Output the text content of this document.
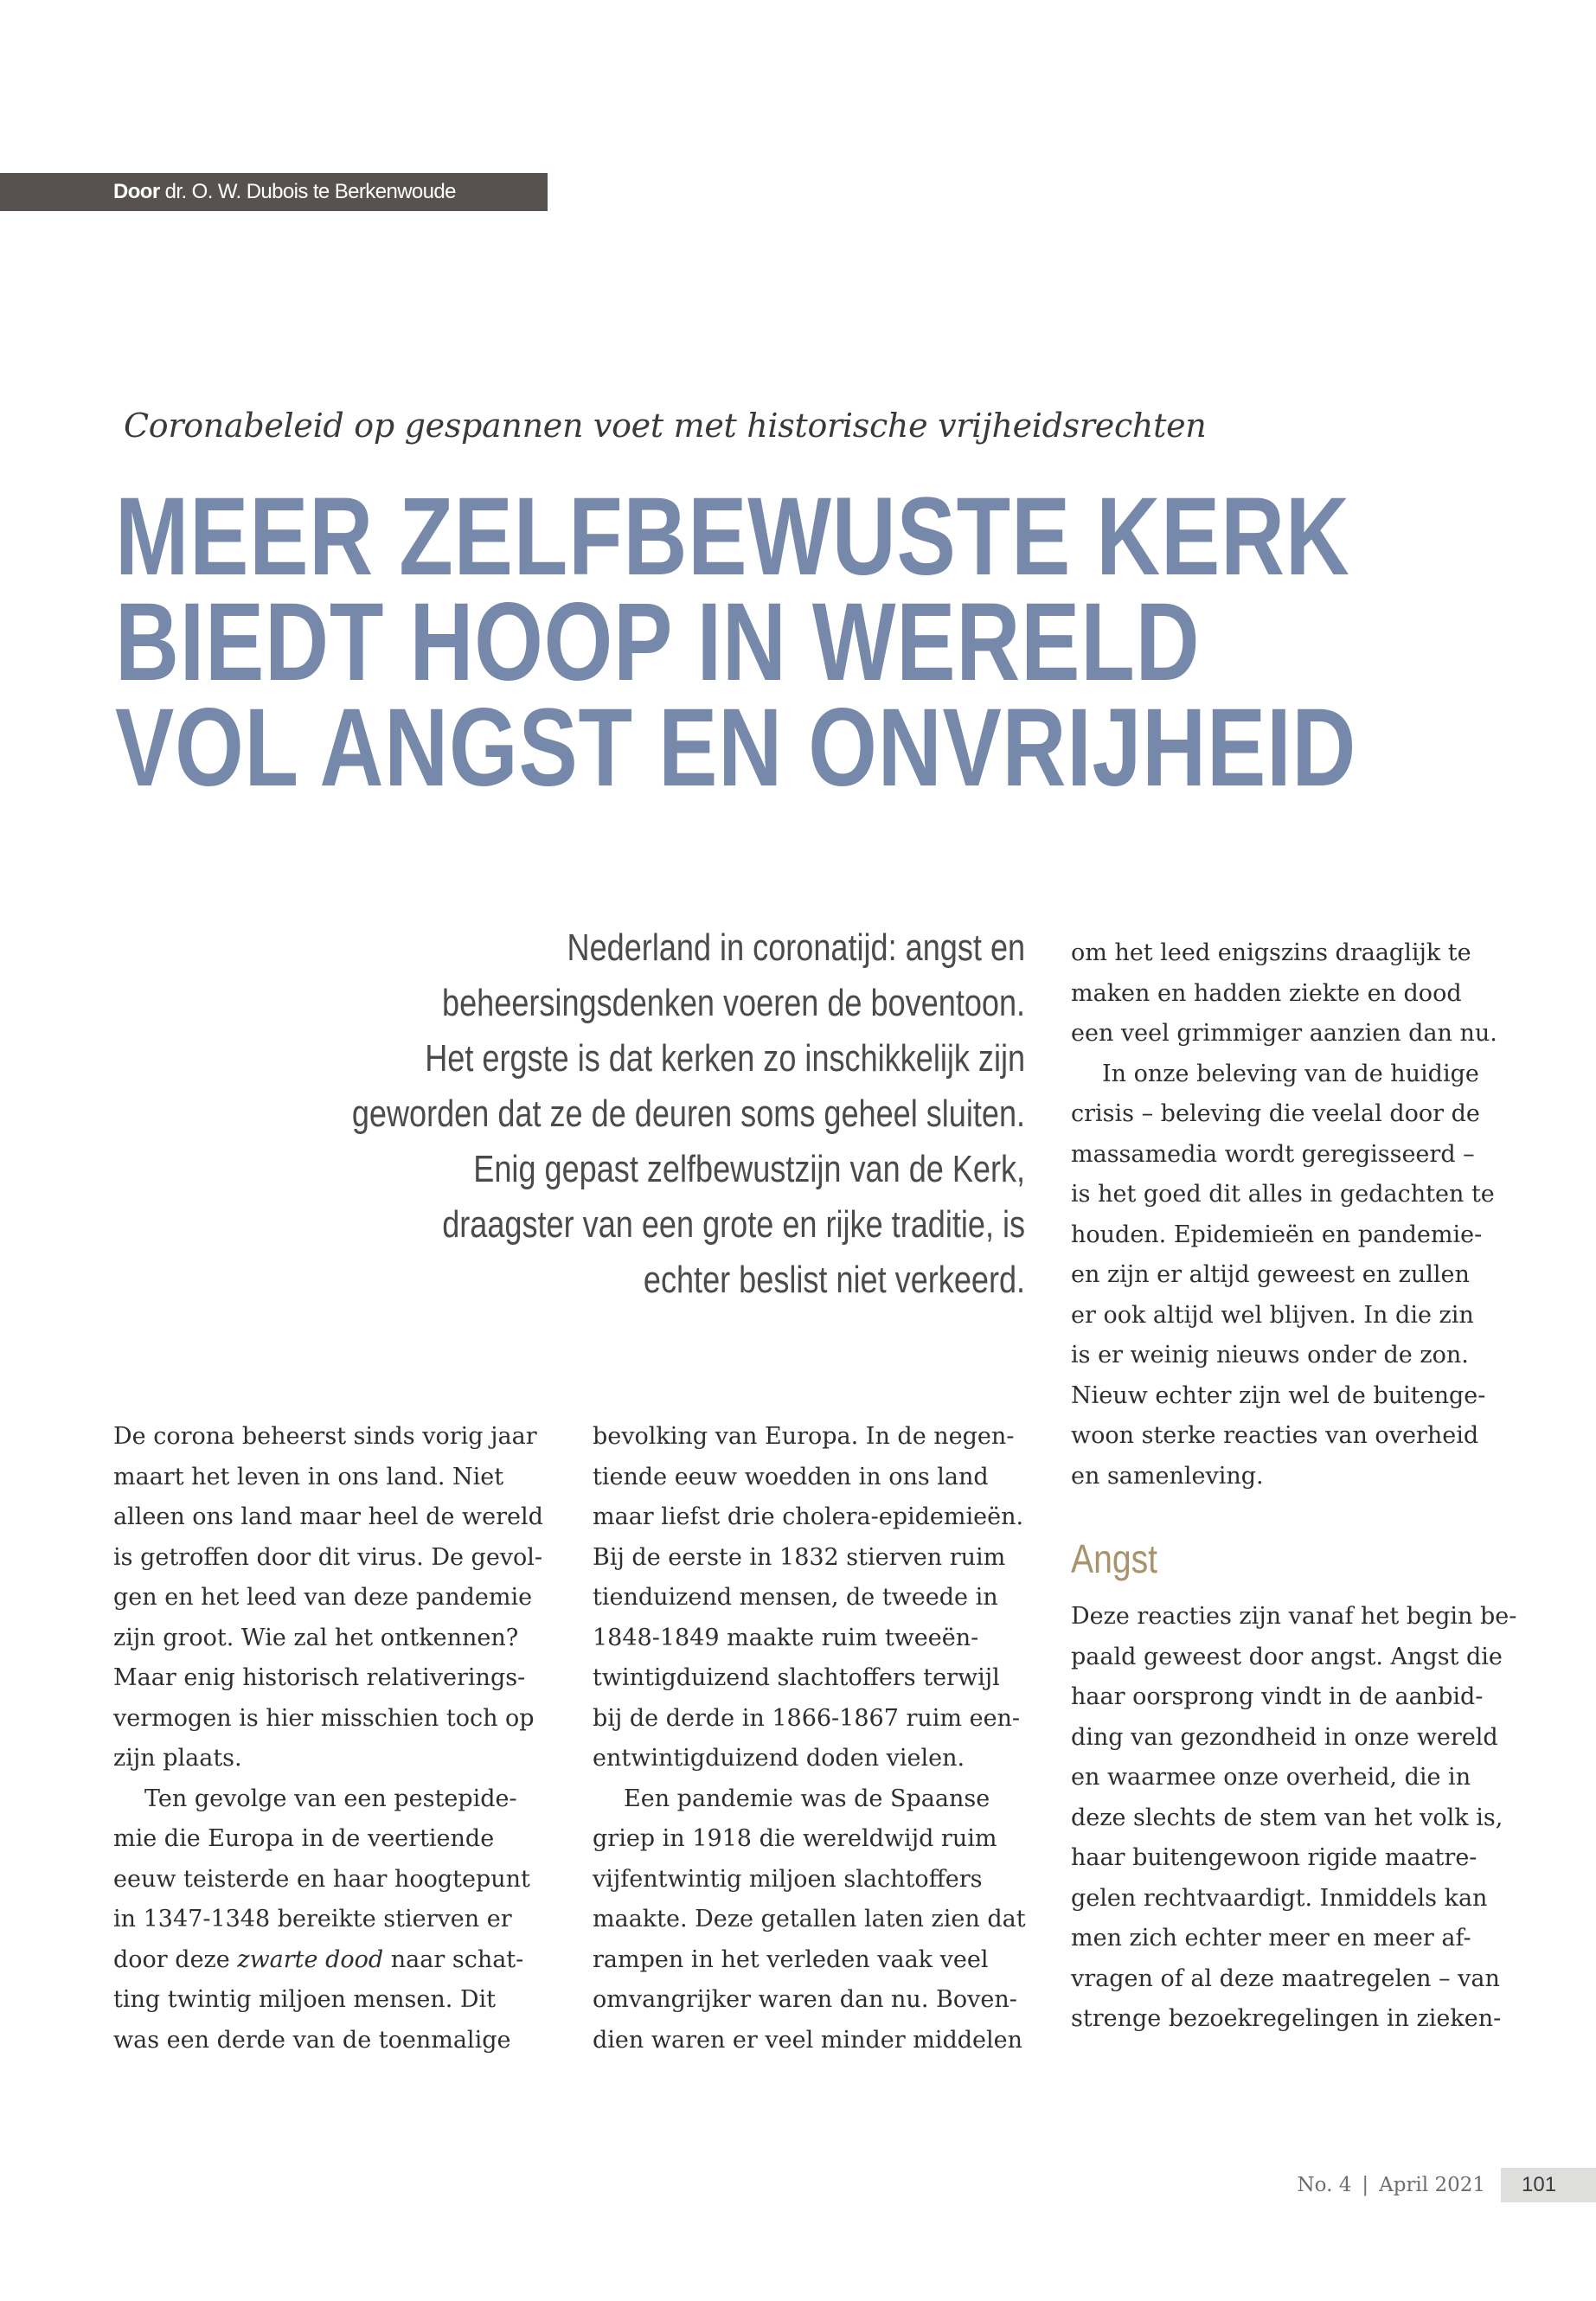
Door dr. O. W. Dubois te Berkenwoude
Coronabeleid op gespannen voet met historische vrijheidsrechten
MEER ZELFBEWUSTE KERK
BIEDT HOOP IN WERELD
VOL ANGST EN ONVRIJHEID

Nederland in coronatijd: angst en
beheersingsdenken voeren de boventoon.
Het ergste is dat kerken zo inschikkelijk zijn
geworden dat ze de deuren soms geheel sluiten.
Enig gepast zelfbewustzijn van de Kerk,
draagster van een grote en rijke traditie, is
echter beslist niet verkeerd.

De corona beheerst sinds vorig jaar
maart het leven in ons land. Niet
alleen ons land maar heel de wereld
is getroffen door dit virus. De gevol-
gen en het leed van deze pandemie
zijn groot. Wie zal het ontkennen?
Maar enig historisch relativerings-
vermogen is hier misschien toch op
zijn plaats.
Ten gevolge van een pestepide-
mie die Europa in de veertiende
eeuw teisterde en haar hoogtepunt
in 1347-1348 bereikte stierven er
door deze zwarte dood naar schat-
ting twintig miljoen mensen. Dit
was een derde van de toenmalige
bevolking van Europa. In de negen-
tiende eeuw woedden in ons land
maar liefst drie cholera-epidemieën.
Bij de eerste in 1832 stierven ruim
tienduizend mensen, de tweede in
1848-1849 maakte ruim tweeën-
twintigduizend slachtoffers terwijl
bij de derde in 1866-1867 ruim een-
entwintigduizend doden vielen.
Een pandemie was de Spaanse
griep in 1918 die wereldwijd ruim
vijfentwintig miljoen slachtoffers
maakte. Deze getallen laten zien dat
rampen in het verleden vaak veel
omvangrijker waren dan nu. Boven-
dien waren er veel minder middelen
om het leed enigszins draaglijk te
maken en hadden ziekte en dood
een veel grimmiger aanzien dan nu.
In onze beleving van de huidige
crisis – beleving die veelal door de
massamedia wordt geregisseerd –
is het goed dit alles in gedachten te
houden. Epidemieën en pandemie-
en zijn er altijd geweest en zullen
er ook altijd wel blijven. In die zin
is er weinig nieuws onder de zon.
Nieuw echter zijn wel de buitenge-
woon sterke reacties van overheid
en samenleving.
Angst
Deze reacties zijn vanaf het begin be-
paald geweest door angst. Angst die
haar oorsprong vindt in de aanbid-
ding van gezondheid in onze wereld
en waarmee onze overheid, die in
deze slechts de stem van het volk is,
haar buitengewoon rigide maatre-
gelen rechtvaardigt. Inmiddels kan
men zich echter meer en meer af-
vragen of al deze maatregelen – van
strenge bezoekregelingen in zieken-
No. 4 | April 2021	101
